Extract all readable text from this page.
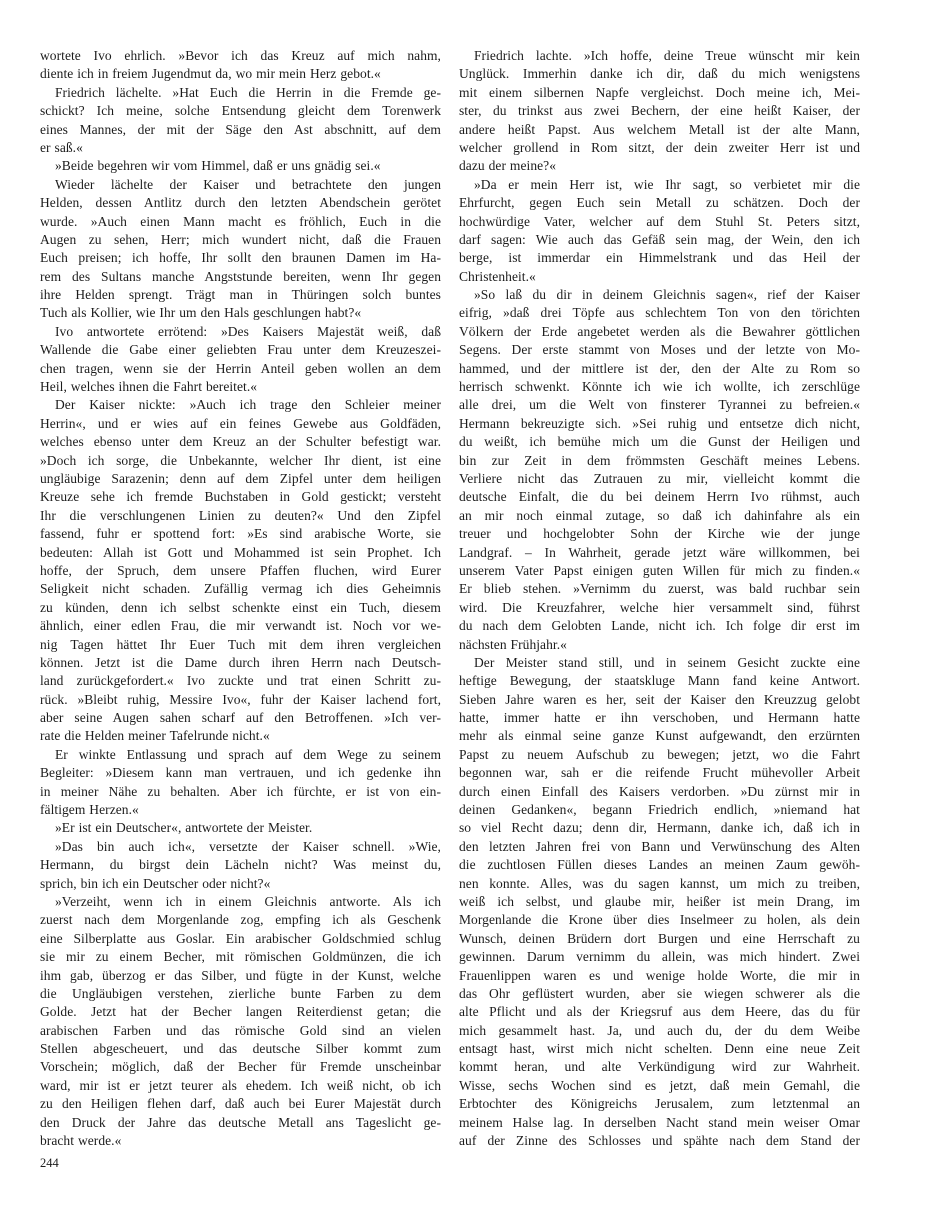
wortete Ivo ehrlich. »Bevor ich das Kreuz auf mich nahm,
diente ich in freiem Jugendmut da, wo mir mein Herz gebot.«
Friedrich lächelte. »Hat Euch die Herrin in die Fremde ge-
schickt? Ich meine, solche Entsendung gleicht dem Torenwerk
eines Mannes, der mit der Säge den Ast abschnitt, auf dem
er saß.«
»Beide begehren wir vom Himmel, daß er uns gnädig sei.«
Wieder lächelte der Kaiser und betrachtete den jungen
Helden, dessen Antlitz durch den letzten Abendschein gerötet
wurde. »Auch einen Mann macht es fröhlich, Euch in die
Augen zu sehen, Herr; mich wundert nicht, daß die Frauen
Euch preisen; ich hoffe, Ihr sollt den braunen Damen im Ha-
rem des Sultans manche Angststunde bereiten, wenn Ihr gegen
ihre Helden sprengt. Trägt man in Thüringen solch buntes
Tuch als Kollier, wie Ihr um den Hals geschlungen habt?«
Ivo antwortete errötend: »Des Kaisers Majestät weiß, daß
Wallende die Gabe einer geliebten Frau unter dem Kreuzeszei-
chen tragen, wenn sie der Herrin Anteil geben wollen an dem
Heil, welches ihnen die Fahrt bereitet.«
Der Kaiser nickte: »Auch ich trage den Schleier meiner
Herrin«, und er wies auf ein feines Gewebe aus Goldfäden,
welches ebenso unter dem Kreuz an der Schulter befestigt war.
»Doch ich sorge, die Unbekannte, welcher Ihr dient, ist eine
ungläubige Sarazenin; denn auf dem Zipfel unter dem heiligen
Kreuze sehe ich fremde Buchstaben in Gold gestickt; versteht
Ihr die verschlungenen Linien zu deuten?« Und den Zipfel
fassend, fuhr er spottend fort: »Es sind arabische Worte, sie
bedeuten: Allah ist Gott und Mohammed ist sein Prophet. Ich
hoffe, der Spruch, dem unsere Pfaffen fluchen, wird Eurer
Seligkeit nicht schaden. Zufällig vermag ich dies Geheimnis
zu künden, denn ich selbst schenkte einst ein Tuch, diesem
ähnlich, einer edlen Frau, die mir verwandt ist. Noch vor we-
nig Tagen hättet Ihr Euer Tuch mit dem ihren vergleichen
können. Jetzt ist die Dame durch ihren Herrn nach Deutsch-
land zurückgefordert.« Ivo zuckte und trat einen Schritt zu-
rück. »Bleibt ruhig, Messire Ivo«, fuhr der Kaiser lachend fort,
aber seine Augen sahen scharf auf den Betroffenen. »Ich ver-
rate die Helden meiner Tafelrunde nicht.«
Er winkte Entlassung und sprach auf dem Wege zu seinem
Begleiter: »Diesem kann man vertrauen, und ich gedenke ihn
in meiner Nähe zu behalten. Aber ich fürchte, er ist von ein-
fältigem Herzen.«
»Er ist ein Deutscher«, antwortete der Meister.
»Das bin auch ich«, versetzte der Kaiser schnell. »Wie,
Hermann, du birgst dein Lächeln nicht? Was meinst du,
sprich, bin ich ein Deutscher oder nicht?«
»Verzeiht, wenn ich in einem Gleichnis antworte. Als ich
zuerst nach dem Morgenlande zog, empfing ich als Geschenk
eine Silberplatte aus Goslar. Ein arabischer Goldschmied schlug
sie mir zu einem Becher, mit römischen Goldmünzen, die ich
ihm gab, überzog er das Silber, und fügte in der Kunst, welche
die Ungläubigen verstehen, zierliche bunte Farben zu dem
Golde. Jetzt hat der Becher langen Reiterdienst getan; die
arabischen Farben und das römische Gold sind an vielen
Stellen abgescheuert, und das deutsche Silber kommt zum
Vorschein; möglich, daß der Becher für Fremde unscheinbar
ward, mir ist er jetzt teurer als ehedem. Ich weiß nicht, ob ich
zu den Heiligen flehen darf, daß auch bei Eurer Majestät durch
den Druck der Jahre das deutsche Metall ans Tageslicht ge-
bracht werde.«
Friedrich lachte. »Ich hoffe, deine Treue wünscht mir kein
Unglück. Immerhin danke ich dir, daß du mich wenigstens
mit einem silbernen Napfe vergleichst. Doch meine ich, Mei-
ster, du trinkst aus zwei Bechern, der eine heißt Kaiser, der
andere heißt Papst. Aus welchem Metall ist der alte Mann,
welcher grollend in Rom sitzt, der dein zweiter Herr ist und
dazu der meine?«
»Da er mein Herr ist, wie Ihr sagt, so verbietet mir die
Ehrfurcht, gegen Euch sein Metall zu schätzen. Doch der
hochwürdige Vater, welcher auf dem Stuhl St. Peters sitzt,
darf sagen: Wie auch das Gefäß sein mag, der Wein, den ich
berge, ist immerdar ein Himmelstrank und das Heil der
Christenheit.«
»So laß du dir in deinem Gleichnis sagen«, rief der Kaiser
eifrig, »daß drei Töpfe aus schlechtem Ton von den törichten
Völkern der Erde angebetet werden als die Bewahrer göttlichen
Segens. Der erste stammt von Moses und der letzte von Mo-
hammed, und der mittlere ist der, den der Alte zu Rom so
herrisch schwenkt. Könnte ich wie ich wollte, ich zerschlüge
alle drei, um die Welt von finsterer Tyrannei zu befreien.«
Hermann bekreuzigte sich. »Sei ruhig und entsetze dich nicht,
du weißt, ich bemühe mich um die Gunst der Heiligen und
bin zur Zeit in dem frömmsten Geschäft meines Lebens.
Verliere nicht das Zutrauen zu mir, vielleicht kommt die
deutsche Einfalt, die du bei deinem Herrn Ivo rühmst, auch
an mir noch einmal zutage, so daß ich dahinfahre als ein
treuer und hochgelobter Sohn der Kirche wie der junge
Landgraf. – In Wahrheit, gerade jetzt wäre willkommen, bei
unserem Vater Papst einigen guten Willen für mich zu finden.«
Er blieb stehen. »Vernimm du zuerst, was bald ruchbar sein
wird. Die Kreuzfahrer, welche hier versammelt sind, führst
du nach dem Gelobten Lande, nicht ich. Ich folge dir erst im
nächsten Frühjahr.«
Der Meister stand still, und in seinem Gesicht zuckte eine
heftige Bewegung, der staatskluge Mann fand keine Antwort.
Sieben Jahre waren es her, seit der Kaiser den Kreuzzug gelobt
hatte, immer hatte er ihn verschoben, und Hermann hatte
mehr als einmal seine ganze Kunst aufgewandt, den erzürnten
Papst zu neuem Aufschub zu bewegen; jetzt, wo die Fahrt
begonnen war, sah er die reifende Frucht mühevoller Arbeit
durch einen Einfall des Kaisers verdorben. »Du zürnst mir in
deinen Gedanken«, begann Friedrich endlich, »niemand hat
so viel Recht dazu; denn dir, Hermann, danke ich, daß ich in
den letzten Jahren frei von Bann und Verwünschung des Alten
die zuchtlosen Füllen dieses Landes an meinen Zaum gewöh-
nen konnte. Alles, was du sagen kannst, um mich zu treiben,
weiß ich selbst, und glaube mir, heißer ist mein Drang, im
Morgenlande die Krone über dies Inselmeer zu holen, als dein
Wunsch, deinen Brüdern dort Burgen und eine Herrschaft zu
gewinnen. Darum vernimm du allein, was mich hindert. Zwei
Frauenlippen waren es und wenige holde Worte, die mir in
das Ohr geflüstert wurden, aber sie wiegen schwerer als die
alte Pflicht und als der Kriegsruf aus dem Heere, das du für
mich gesammelt hast. Ja, und auch du, der du dem Weibe
entsagt hast, wirst mich nicht schelten. Denn eine neue Zeit
kommt heran, und alte Verkündigung wird zur Wahrheit.
Wisse, sechs Wochen sind es jetzt, daß mein Gemahl, die
Erbtochter des Königreichs Jerusalem, zum letztenmal an
meinem Halse lag. In derselben Nacht stand mein weiser Omar
auf der Zinne des Schlosses und spähte nach dem Stand der
244
